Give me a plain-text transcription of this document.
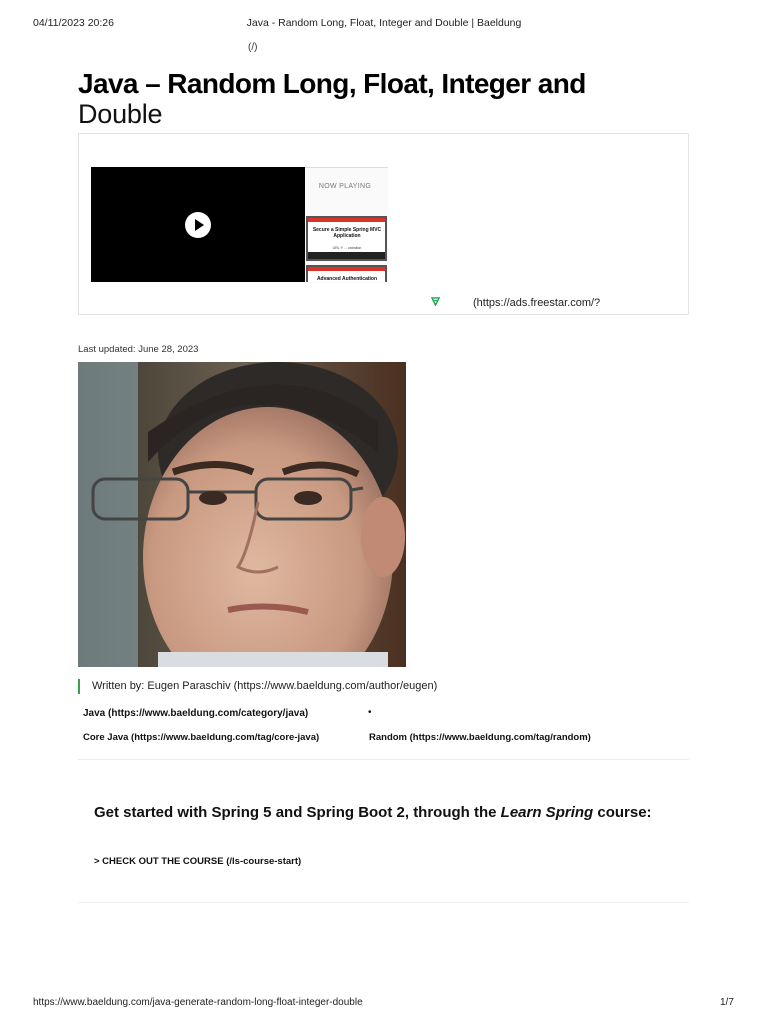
04/11/2023 20:26	Java - Random Long, Float, Integer and Double | Baeldung
(/)
Java – Random Long, Float, Integer and
Double
NOW PLAYING
Secure a Simple Spring MVC Application
URL·Y ... ustration
Advanced Authentication
(https://ads.freestar.com/?
Last updated: June 28, 2023
Written by: Eugen Paraschiv (https://www.baeldung.com/author/eugen)
Java (https://www.baeldung.com/category/java)	•
Core Java (https://www.baeldung.com/tag/core-java)	Random (https://www.baeldung.com/tag/random)
Get started with Spring 5 and Spring Boot 2, through the Learn Spring course:
> CHECK OUT THE COURSE (/ls-course-start)
https://www.baeldung.com/java-generate-random-long-float-integer-double	1/7
